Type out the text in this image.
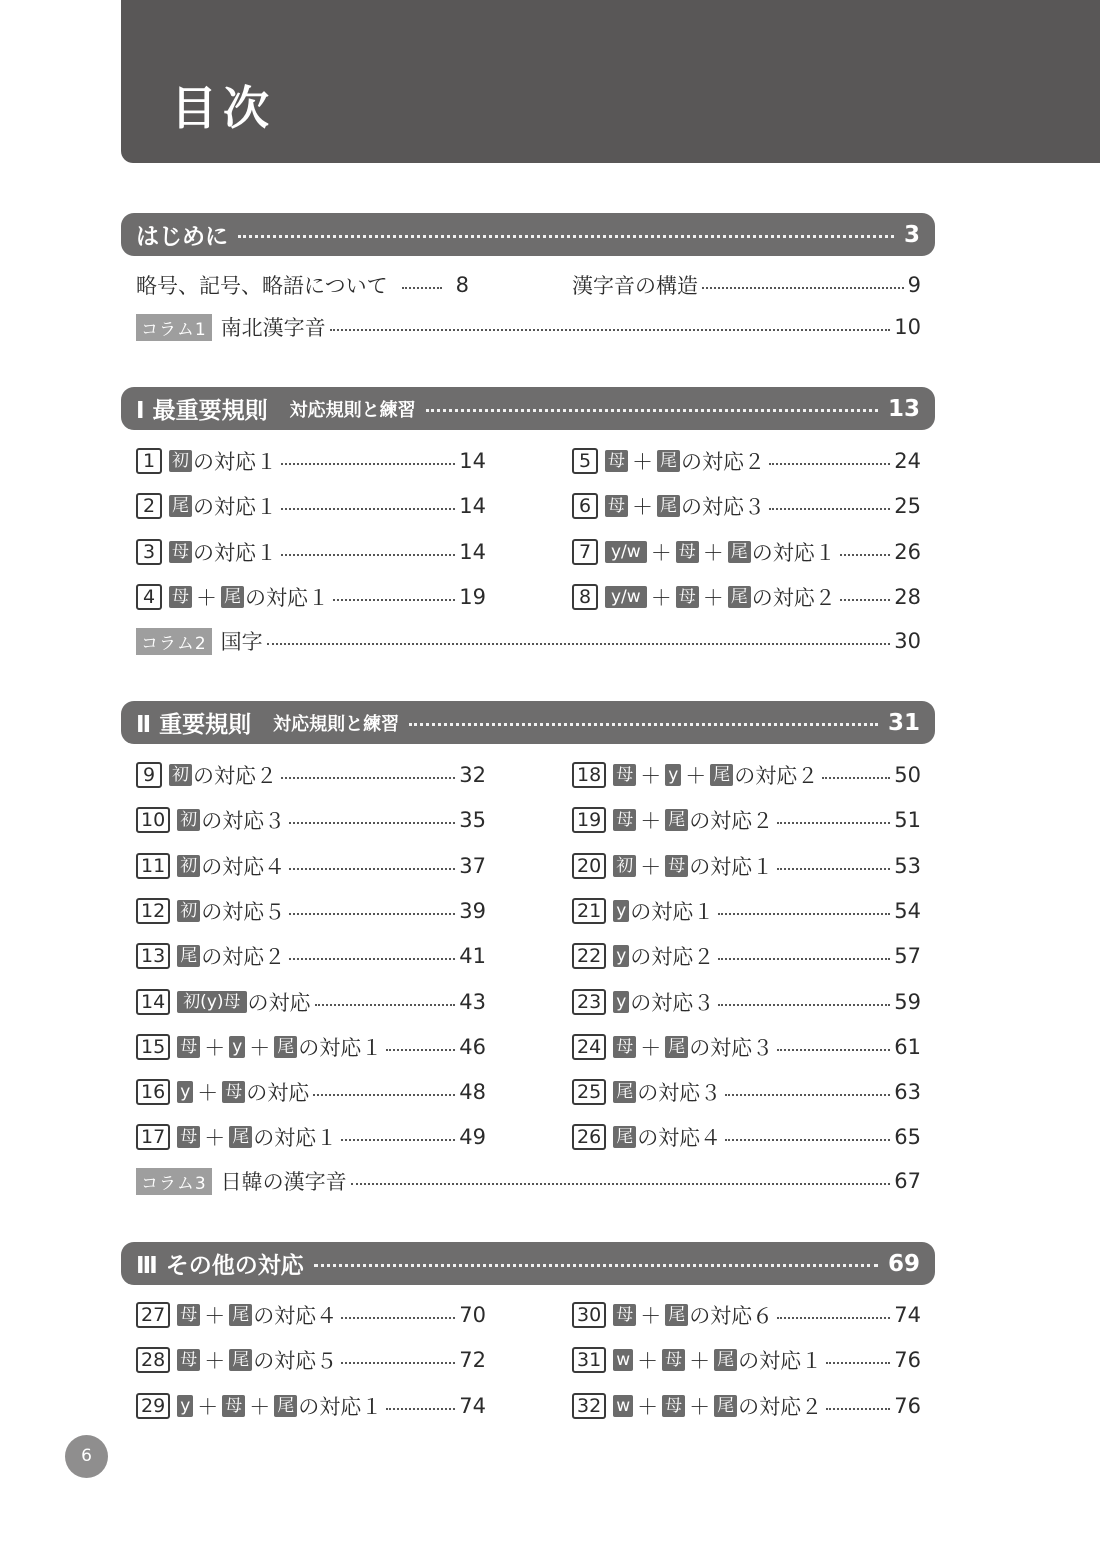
目次
はじめに	3
略号、記号、略語について	8	漢字音の構造	9
コラム1 南北漢字音	10
Ⅰ 最重要規則 対応規則と練習	13
1 初 の対応１	14
2 尾 の対応１	14
3 母 の対応１	14
4 母 ＋ 尾 の対応１	19
5 母 ＋ 尾 の対応２	24
6 母 ＋ 尾 の対応３	25
7	y/w ＋ 母 ＋ 尾 の対応１	26
8	y/w ＋ 母 ＋ 尾 の対応２	28
コラム2 国字	30
Ⅱ 重要規則 対応規則と練習	31
9 初 の対応２	32
10 初 の対応３	35
11 初 の対応４	37
12 初 の対応５	39
13 尾 の対応２	41
14	初(y)母 の対応	43
15 母 ＋ y ＋ 尾 の対応１	46
16 y ＋ 母 の対応	48
17 母 ＋ 尾 の対応１	49
18 母 ＋ y ＋ 尾 の対応２	50
19 母 ＋ 尾 の対応２	51
20 初 ＋ 母 の対応１	53
21 y の対応１	54
22 y の対応２	57
23 y の対応３	59
24 母 ＋ 尾 の対応３	61
25 尾 の対応３	63
26 尾 の対応４	65
コラム3 日韓の漢字音	67
Ⅲ その他の対応	69
27 母 ＋ 尾 の対応４	70
28 母 ＋ 尾 の対応５	72
29 y ＋ 母 ＋ 尾 の対応１	74
30 母 ＋ 尾 の対応６	74
31 w ＋ 母 ＋ 尾 の対応１	76
32 w ＋ 母 ＋ 尾 の対応２	76
6
